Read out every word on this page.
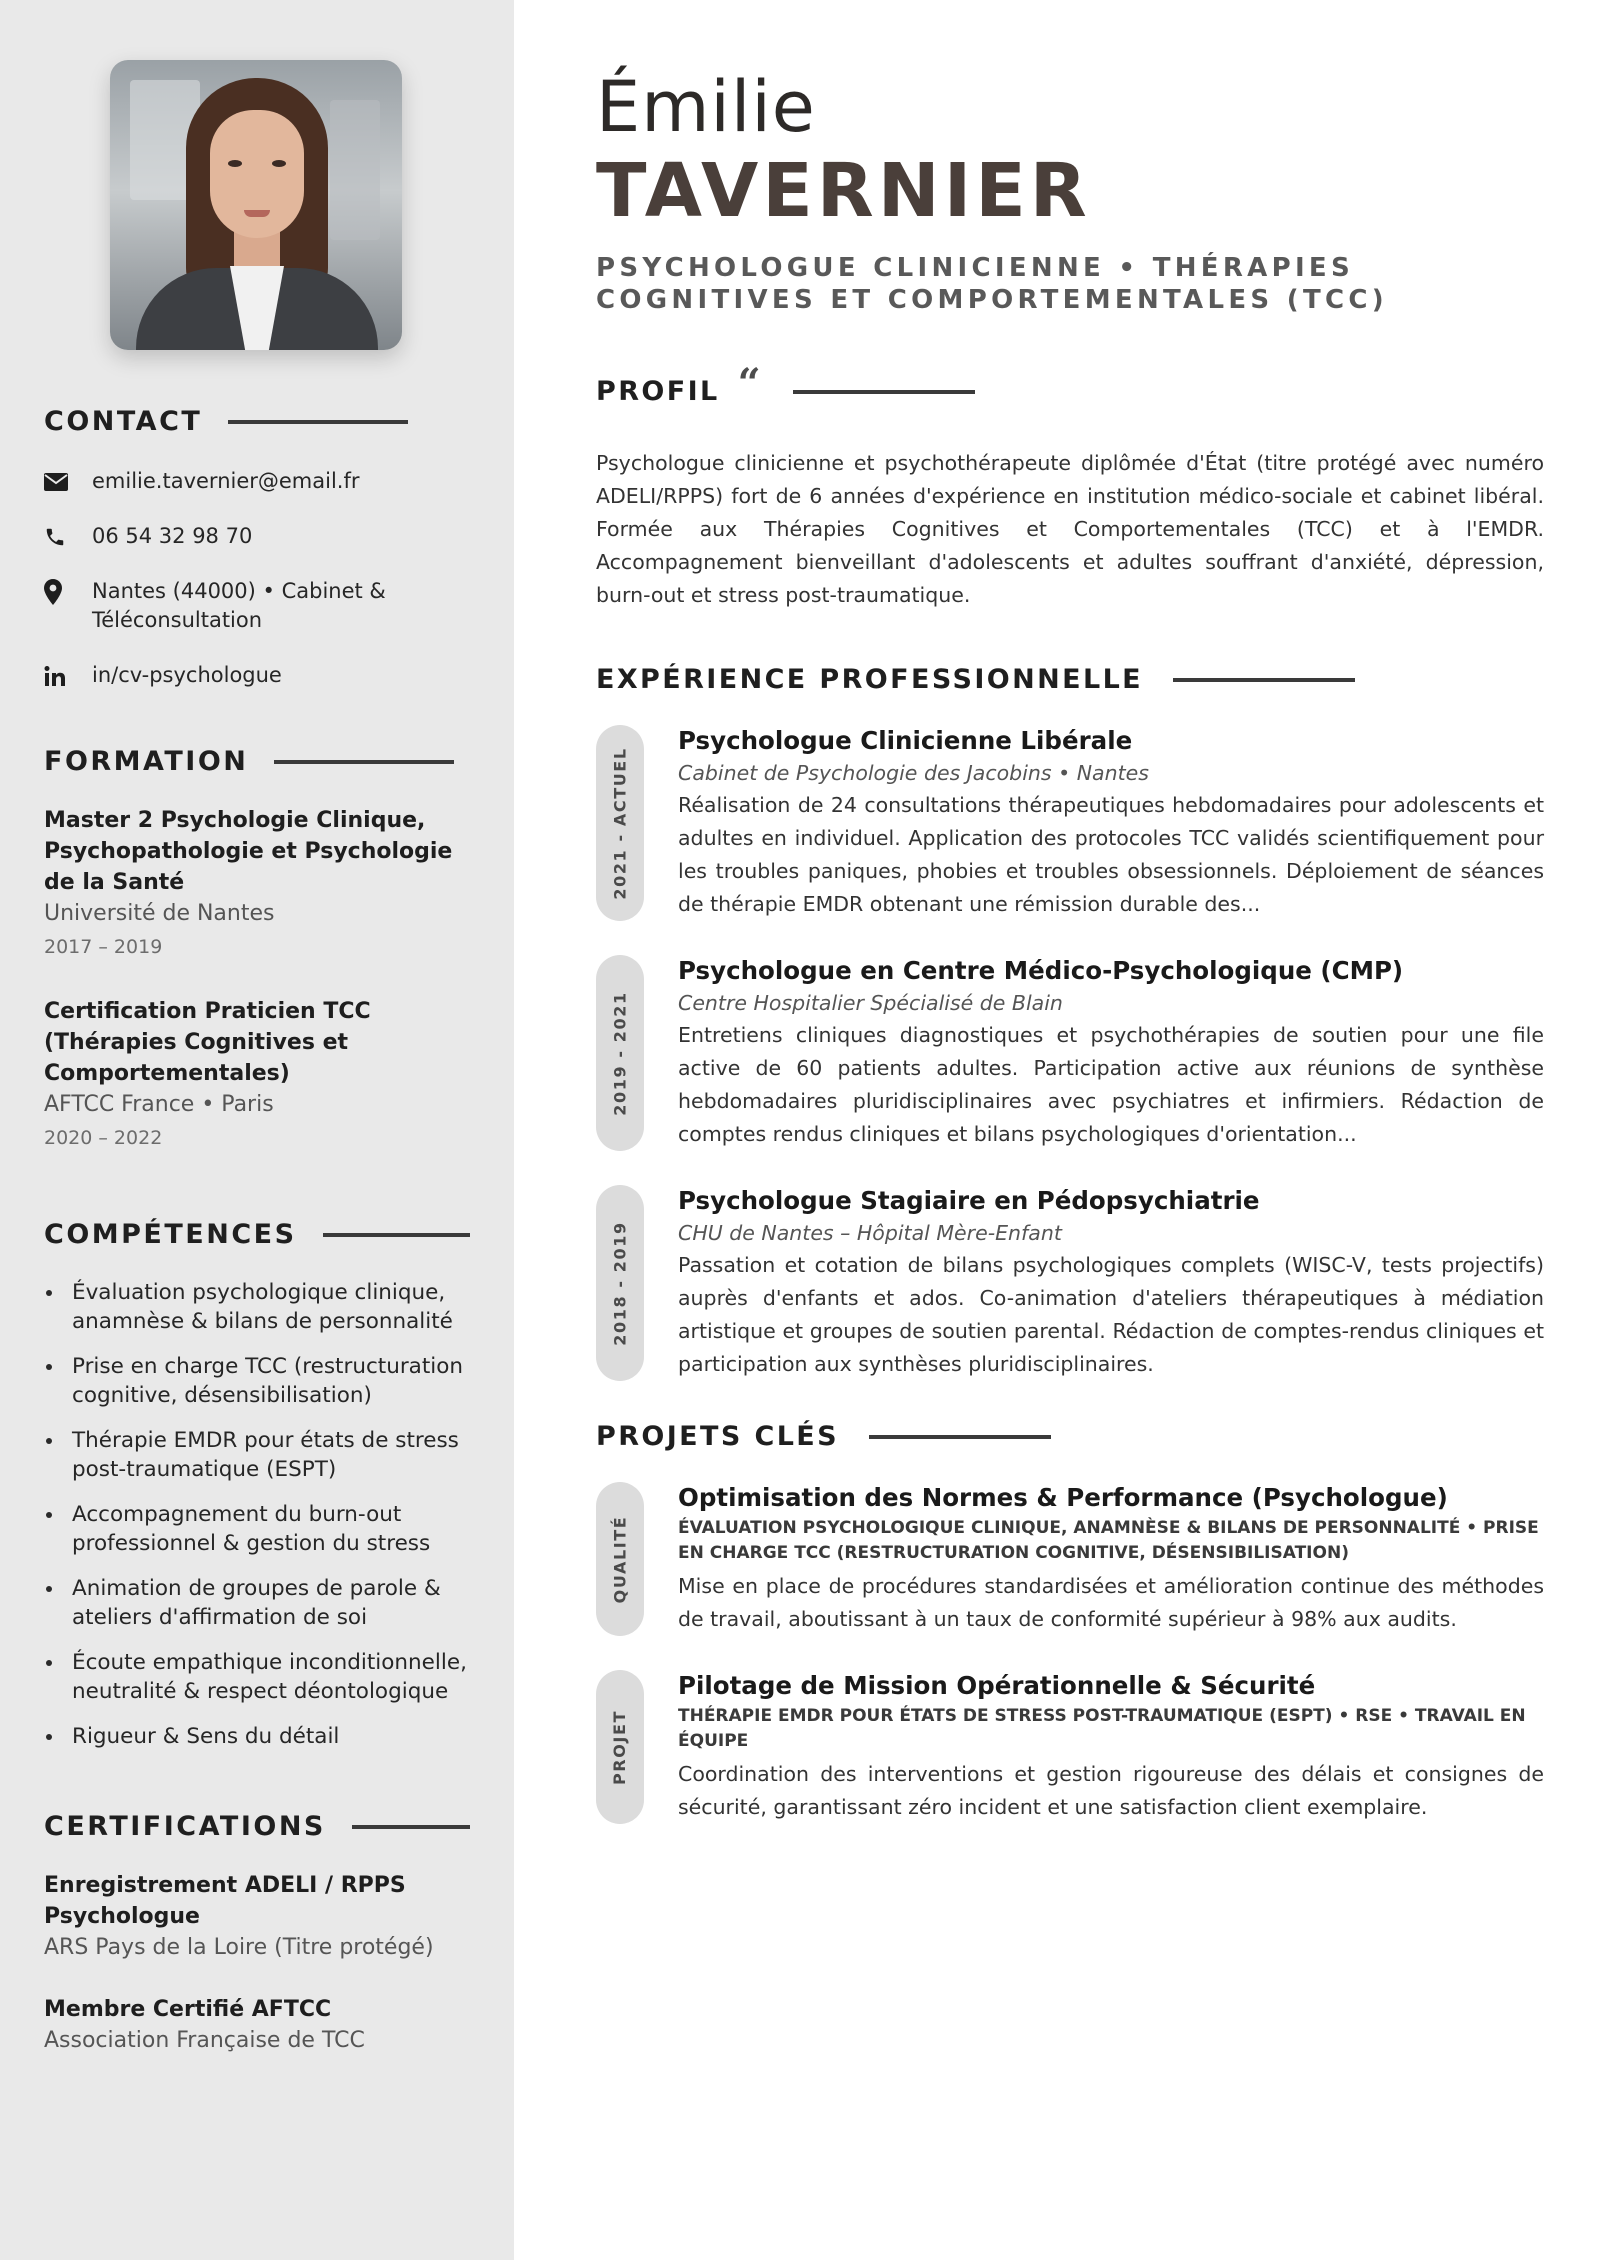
CONTACT
emilie.tavernier@email.fr
06 54 32 98 70
Nantes (44000) • Cabinet & Téléconsultation
in/cv-psychologue
FORMATION
Master 2 Psychologie Clinique, Psychopathologie et Psychologie de la Santé
Université de Nantes
2017 – 2019
Certification Praticien TCC (Thérapies Cognitives et Comportementales)
AFTCC France • Paris
2020 – 2022
COMPÉTENCES
Évaluation psychologique clinique, anamnèse & bilans de personnalité
Prise en charge TCC (restructuration cognitive, désensibilisation)
Thérapie EMDR pour états de stress post-traumatique (ESPT)
Accompagnement du burn-out professionnel & gestion du stress
Animation de groupes de parole & ateliers d'affirmation de soi
Écoute empathique inconditionnelle, neutralité & respect déontologique
Rigueur & Sens du détail
CERTIFICATIONS
Enregistrement ADELI / RPPS Psychologue
ARS Pays de la Loire (Titre protégé)
Membre Certifié AFTCC
Association Française de TCC
Émilie
TAVERNIER
PSYCHOLOGUE CLINICIENNE • THÉRAPIES
COGNITIVES ET COMPORTEMENTALES (TCC)
PROFIL “

Psychologue clinicienne et psychothérapeute diplômée d'État (titre protégé avec numéro ADELI/RPPS) fort de 6 années d'expérience en institution médico-sociale et cabinet libéral. Formée aux Thérapies Cognitives et Comportementales (TCC) et à l'EMDR. Accompagnement bienveillant d'adolescents et adultes souffrant d'anxiété, dépression, burn-out et stress post-traumatique.

EXPÉRIENCE PROFESSIONNELLE
2021 - ACTUEL
Psychologue Clinicienne Libérale
Cabinet de Psychologie des Jacobins • Nantes
Réalisation de 24 consultations thérapeutiques hebdomadaires pour adolescents et adultes en individuel. Application des protocoles TCC validés scientifiquement pour les troubles paniques, phobies et troubles obsessionnels. Déploiement de séances de thérapie EMDR obtenant une rémission durable des...
2019 - 2021
Psychologue en Centre Médico-Psychologique (CMP)
Centre Hospitalier Spécialisé de Blain
Entretiens cliniques diagnostiques et psychothérapies de soutien pour une file active de 60 patients adultes. Participation active aux réunions de synthèse hebdomadaires pluridisciplinaires avec psychiatres et infirmiers. Rédaction de comptes rendus cliniques et bilans psychologiques d'orientation...
2018 - 2019
Psychologue Stagiaire en Pédopsychiatrie
CHU de Nantes – Hôpital Mère-Enfant
Passation et cotation de bilans psychologiques complets (WISC-V, tests projectifs) auprès d'enfants et ados. Co-animation d'ateliers thérapeutiques à médiation artistique et groupes de soutien parental. Rédaction de comptes-rendus cliniques et participation aux synthèses pluridisciplinaires.
PROJETS CLÉS
QUALITÉ
Optimisation des Normes & Performance (Psychologue)
ÉVALUATION PSYCHOLOGIQUE CLINIQUE, ANAMNÈSE & BILANS DE PERSONNALITÉ • PRISE EN CHARGE TCC (RESTRUCTURATION COGNITIVE, DÉSENSIBILISATION)
Mise en place de procédures standardisées et amélioration continue des méthodes de travail, aboutissant à un taux de conformité supérieur à 98% aux audits.
PROJET
Pilotage de Mission Opérationnelle & Sécurité
THÉRAPIE EMDR POUR ÉTATS DE STRESS POST-TRAUMATIQUE (ESPT) • RSE • TRAVAIL EN ÉQUIPE
Coordination des interventions et gestion rigoureuse des délais et consignes de sécurité, garantissant zéro incident et une satisfaction client exemplaire.
